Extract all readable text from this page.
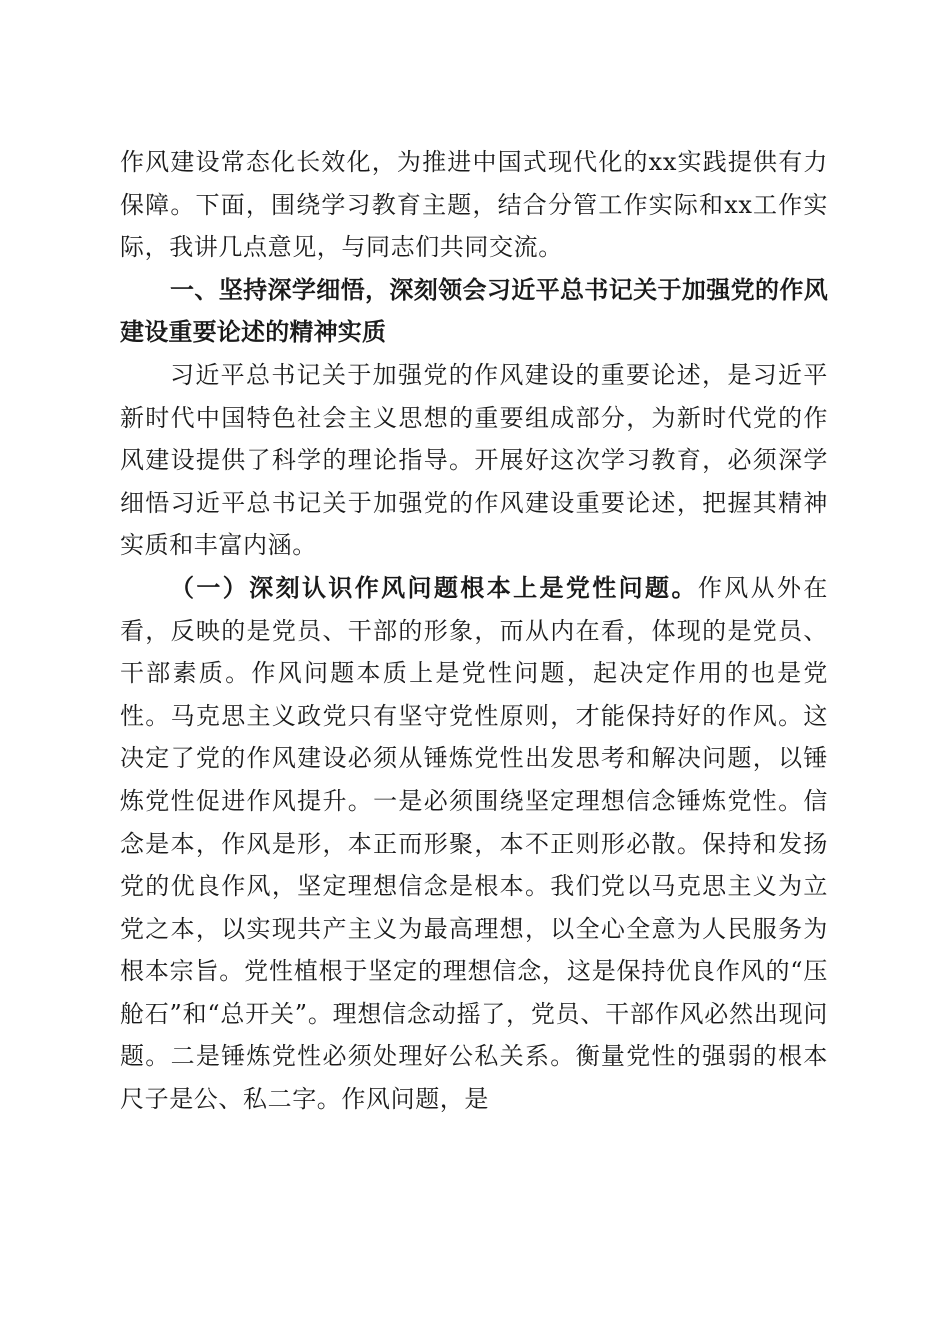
作风建设常态化长效化，为推进中国式现代化的xx实践提供有力保障。下面，围绕学习教育主题，结合分管工作实际和xx工作实际，我讲几点意见，与同志们共同交流。

一、坚持深学细悟，深刻领会习近平总书记关于加强党的作风建设重要论述的精神实质

习近平总书记关于加强党的作风建设的重要论述，是习近平新时代中国特色社会主义思想的重要组成部分，为新时代党的作风建设提供了科学的理论指导。开展好这次学习教育，必须深学细悟习近平总书记关于加强党的作风建设重要论述，把握其精神实质和丰富内涵。

（一）深刻认识作风问题根本上是党性问题。作风从外在看，反映的是党员、干部的形象，而从内在看，体现的是党员、干部素质。作风问题本质上是党性问题，起决定作用的也是党性。马克思主义政党只有坚守党性原则，才能保持好的作风。这决定了党的作风建设必须从锤炼党性出发思考和解决问题，以锤炼党性促进作风提升。一是必须围绕坚定理想信念锤炼党性。信念是本，作风是形，本正而形聚，本不正则形必散。保持和发扬党的优良作风，坚定理想信念是根本。我们党以马克思主义为立党之本，以实现共产主义为最高理想，以全心全意为人民服务为根本宗旨。党性植根于坚定的理想信念，这是保持优良作风的“压舱石”和“总开关”。理想信念动摇了，党员、干部作风必然出现问题。二是锤炼党性必须处理好公私关系。衡量党性的强弱的根本尺子是公、私二字。作风问题，是
